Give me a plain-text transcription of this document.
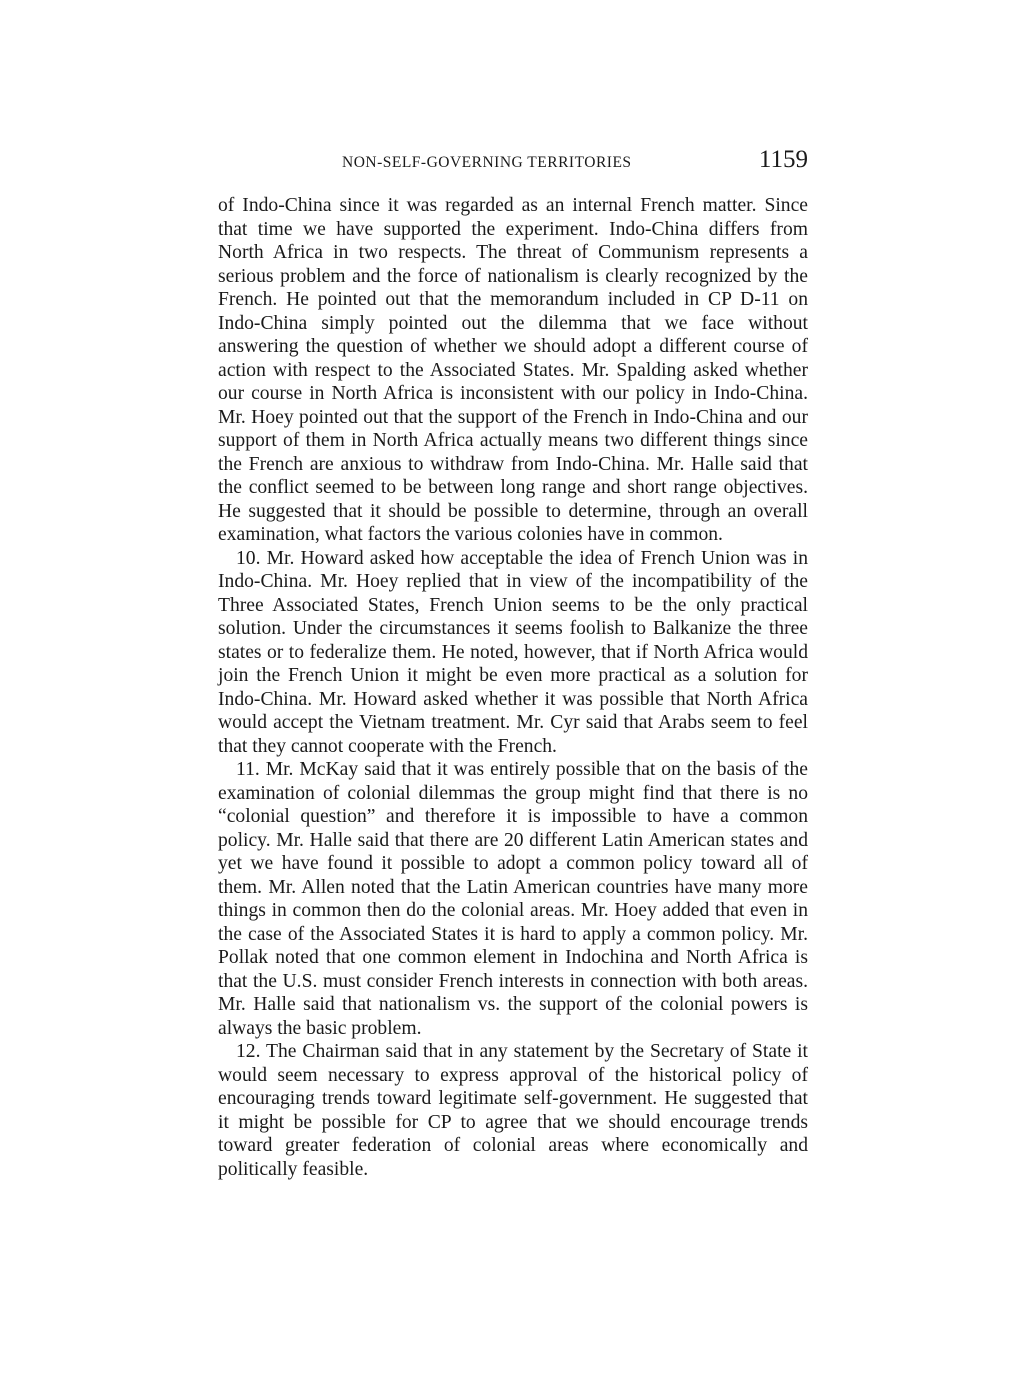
NON-SELF-GOVERNING TERRITORIES	1159

of Indo-China since it was regarded as an internal French matter. Since that time we have supported the experiment. Indo-China differs from North Africa in two respects. The threat of Communism represents a serious problem and the force of nationalism is clearly recognized by the French. He pointed out that the memorandum included in CP D-11 on Indo-China simply pointed out the dilemma that we face without answering the question of whether we should adopt a different course of action with respect to the Associated States. Mr. Spalding asked whether our course in North Africa is inconsistent with our policy in Indo-China. Mr. Hoey pointed out that the support of the French in Indo-China and our support of them in North Africa actually means two different things since the French are anxious to withdraw from Indo-China. Mr. Halle said that the conflict seemed to be between long range and short range objectives. He suggested that it should be possible to determine, through an overall examination, what factors the various colonies have in common.

10. Mr. Howard asked how acceptable the idea of French Union was in Indo-China. Mr. Hoey replied that in view of the incompatibility of the Three Associated States, French Union seems to be the only practical solution. Under the circumstances it seems foolish to Balkanize the three states or to federalize them. He noted, however, that if North Africa would join the French Union it might be even more practical as a solution for Indo-China. Mr. Howard asked whether it was possible that North Africa would accept the Vietnam treatment. Mr. Cyr said that Arabs seem to feel that they cannot cooperate with the French.

11. Mr. McKay said that it was entirely possible that on the basis of the examination of colonial dilemmas the group might find that there is no “colonial question” and therefore it is impossible to have a common policy. Mr. Halle said that there are 20 different Latin American states and yet we have found it possible to adopt a common policy toward all of them. Mr. Allen noted that the Latin American countries have many more things in common then do the colonial areas. Mr. Hoey added that even in the case of the Associated States it is hard to apply a common policy. Mr. Pollak noted that one common element in Indochina and North Africa is that the U.S. must consider French interests in connection with both areas. Mr. Halle said that nationalism vs. the support of the colonial powers is always the basic problem.

12. The Chairman said that in any statement by the Secretary of State it would seem necessary to express approval of the historical policy of encouraging trends toward legitimate self-government. He suggested that it might be possible for CP to agree that we should encourage trends toward greater federation of colonial areas where economically and politically feasible.
